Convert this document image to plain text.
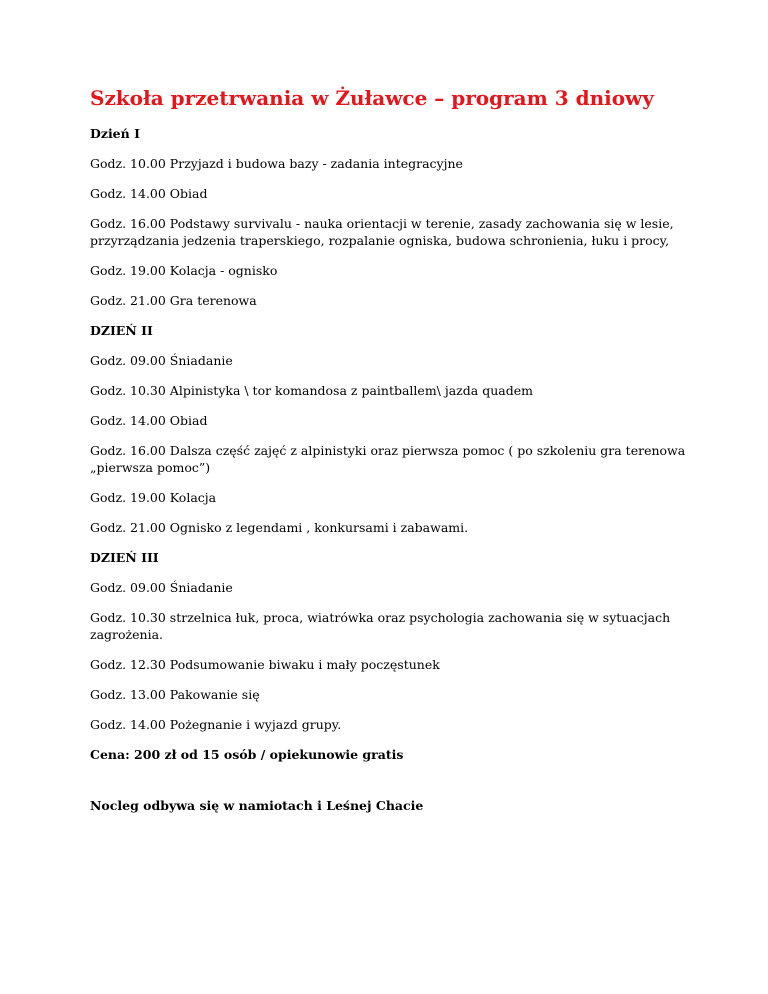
Szkoła przetrwania w Żuławce – program 3 dniowy

Dzień I

Godz. 10.00 Przyjazd i budowa bazy - zadania integracyjne

Godz. 14.00 Obiad

Godz. 16.00 Podstawy survivalu - nauka orientacji w terenie, zasady zachowania się w lesie, przyrządzania jedzenia traperskiego, rozpalanie ogniska, budowa schronienia, łuku i procy,

Godz. 19.00 Kolacja - ognisko

Godz. 21.00 Gra terenowa

DZIEŃ II

Godz. 09.00 Śniadanie

Godz. 10.30 Alpinistyka \ tor komandosa z paintballem\ jazda quadem

Godz. 14.00 Obiad

Godz. 16.00 Dalsza część zajęć z alpinistyki oraz pierwsza pomoc ( po szkoleniu gra terenowa „pierwsza pomoc”)

Godz. 19.00 Kolacja

Godz. 21.00 Ognisko z legendami , konkursami i zabawami.

DZIEŃ III

Godz. 09.00 Śniadanie

Godz. 10.30 strzelnica łuk, proca, wiatrówka oraz psychologia zachowania się w sytuacjach zagrożenia.

Godz. 12.30 Podsumowanie biwaku i mały poczęstunek

Godz. 13.00 Pakowanie się

Godz. 14.00 Pożegnanie i wyjazd grupy.

Cena: 200 zł od 15 osób / opiekunowie gratis

Nocleg odbywa się w namiotach i Leśnej Chacie
